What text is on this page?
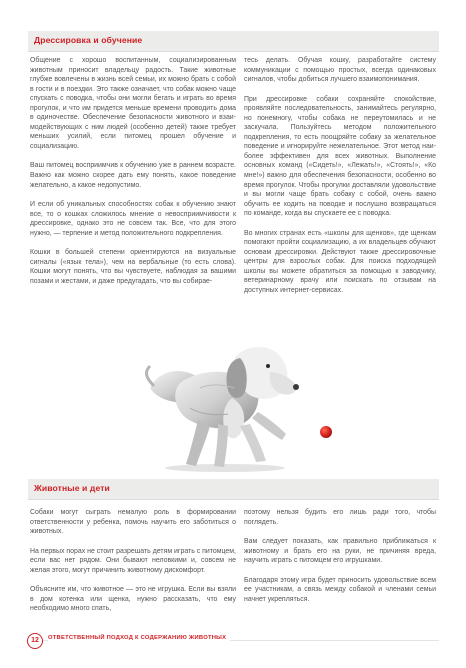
Дрессировка и обучение

Общение с хорошо воспитанным, социализированным животным приносит владельцу радость. Такие животные глубже вовлечены в жизнь всей семьи, их можно брать с собой в гости и в поездки. Это также означает, что собак можно чаще спускать с поводка, чтобы они могли бегать и играть во время прогулок, и что им придется меньше времени проводить дома в одиночестве. Обеспечение безопасности животного и взаимодействующих с ним людей (особенно детей) также требует меньших усилий, если питомец прошел обучение и социализацию.

Ваш питомец восприимчив к обучению уже в раннем возрасте. Важно как можно скорее дать ему понять, какое поведение желательно, а какое недопустимо.

И если об уникальных способностях собак к обучению знают все, то о кошках сложилось мнение о невосприимчивости к дрессировке, однако это не совсем так. Все, что для этого нужно, — терпение и метод положительного подкрепления.

Кошки в большей степени ориентируются на визуальные сигналы («язык тела»), чем на вербальные (то есть слова). Кошки могут понять, что вы чувствуете, наблюдая за вашими позами и жестами, и даже предугадать, что вы собирае-

тесь делать. Обучая кошку, разработайте систему коммуникации с помощью простых, всегда одинаковых сигналов, чтобы добиться лучшего взаимопонимания.

При дрессировке собаки сохраняйте спокойствие, проявляйте последовательность, занимайтесь регулярно, но понемногу, чтобы собака не переутомилась и не заскучала. Пользуйтесь методом положительного подкрепления, то есть поощряйте собаку за желательное поведение и игнорируйте нежелательное. Этот метод наиболее эффективен для всех животных. Выполнение основных команд («Сидеть!», «Лежать!», «Стоять!», «Ко мне!») важно для обеспечения безопасности, особенно во время прогулок. Чтобы прогулки доставляли удовольствие и вы могли чаще брать собаку с собой, очень важно обучить ее ходить на поводке и послушно возвращаться по команде, когда вы спускаете ее с поводка.

Во многих странах есть «школы для щенков», где щенкам помогают пройти социализацию, а их владельцев обучают основам дрессировки. Действуют также дрессировочные центры для взрослых собак. Для поиска подходящей школы вы можете обратиться за помощью к заводчику, ветеринарному врачу или поискать по отзывам на доступных интернет-сервисах.

Животные и дети

Собаки могут сыграть немалую роль в формировании ответственности у ребенка, помочь научить его заботиться о животных.

На первых порах не стоит разрешать детям играть с питомцем, если вас нет рядом. Они бывают неловкими и, совсем не желая этого, могут причинить животному дискомфорт.

Объясните им, что животное — это не игрушка. Если вы взяли в дом котенка или щенка, нужно рассказать, что ему необходимо много спать,

поэтому нельзя будить его лишь ради того, чтобы поглядеть.

Вам следует показать, как правильно приближаться к животному и брать его на руки, не причиняя вреда, научить играть с питомцем его игрушками.

Благодаря этому игра будет приносить удовольствие всем ее участникам, а связь между собакой и членами семьи начнет укрепляться.

12	ОТВЕТСТВЕННЫЙ ПОДХОД К СОДЕРЖАНИЮ ЖИВОТНЫХ
